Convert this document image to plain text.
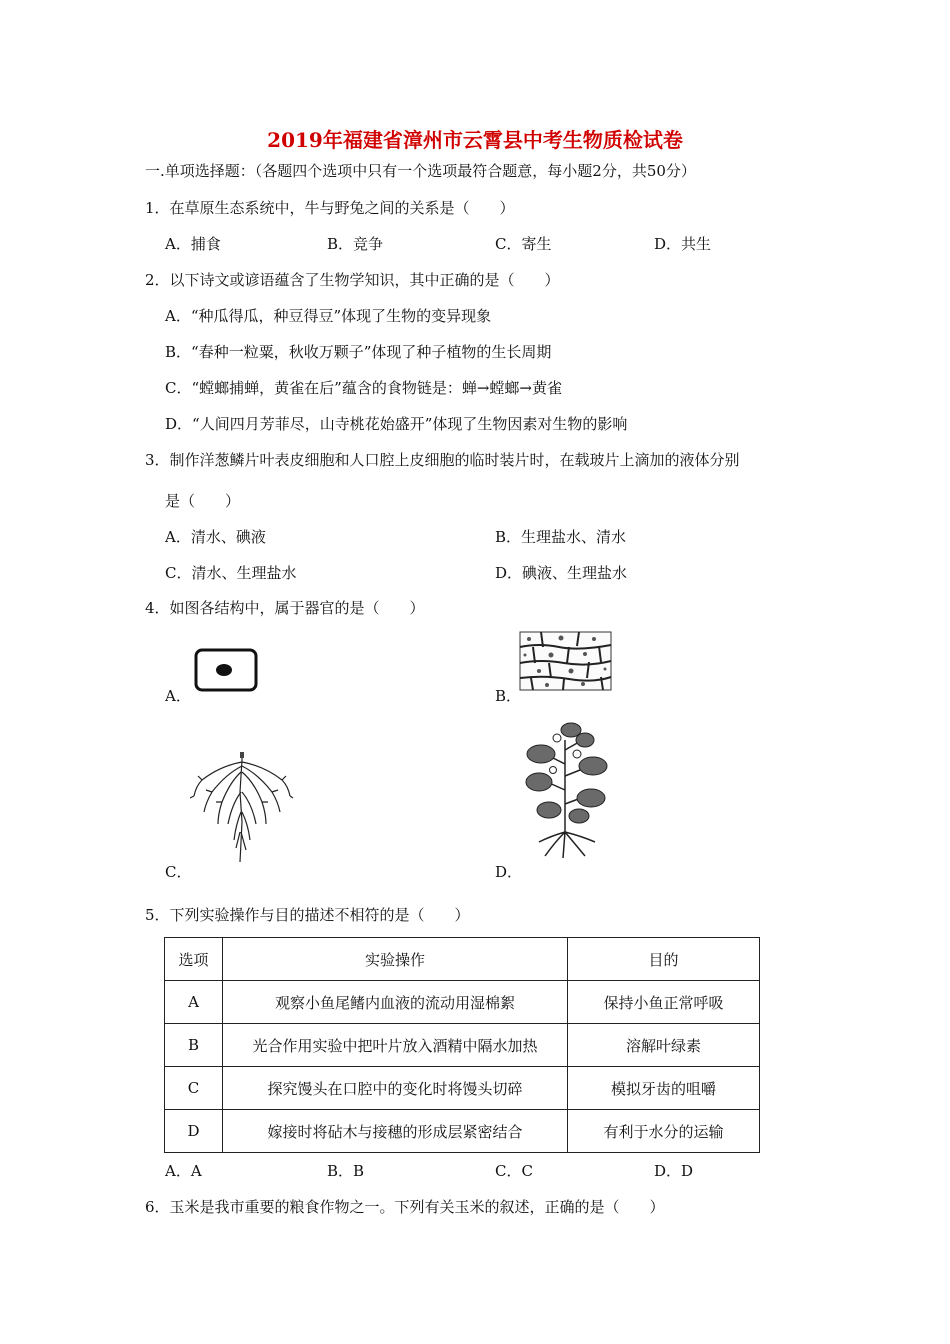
2019年福建省漳州市云霄县中考生物质检试卷
一.单项选择题：（各题四个选项中只有一个选项最符合题意，每小题2分，共50分）
1．在草原生态系统中，牛与野兔之间的关系是（　　）
A．捕食	B．竞争	C．寄生	D．共生
2．以下诗文或谚语蕴含了生物学知识，其中正确的是（　　）
A．“种瓜得瓜，种豆得豆”体现了生物的变异现象
B．“春种一粒粟，秋收万颗子”体现了种子植物的生长周期
C．“螳螂捕蝉，黄雀在后”蕴含的食物链是：蝉→螳螂→黄雀
D．“人间四月芳菲尽，山寺桃花始盛开”体现了生物因素对生物的影响
3．制作洋葱鳞片叶表皮细胞和人口腔上皮细胞的临时装片时，在载玻片上滴加的液体分别
是（　　）
A．清水、碘液	B．生理盐水、清水
C．清水、生理盐水	D．碘液、生理盐水
4．如图各结构中，属于器官的是（　　）
A．	B．
C．	D．
5．下列实验操作与目的描述不相符的是（　　）
选项	实验操作	目的
A	观察小鱼尾鳍内血液的流动用湿棉絮	保持小鱼正常呼吸
B	光合作用实验中把叶片放入酒精中隔水加热	溶解叶绿素
C	探究馒头在口腔中的变化时将馒头切碎	模拟牙齿的咀嚼
D	嫁接时将砧木与接穗的形成层紧密结合	有利于水分的运输
A．A	B．B	C．C	D．D
6．玉米是我市重要的粮食作物之一。下列有关玉米的叙述，正确的是（　　）
